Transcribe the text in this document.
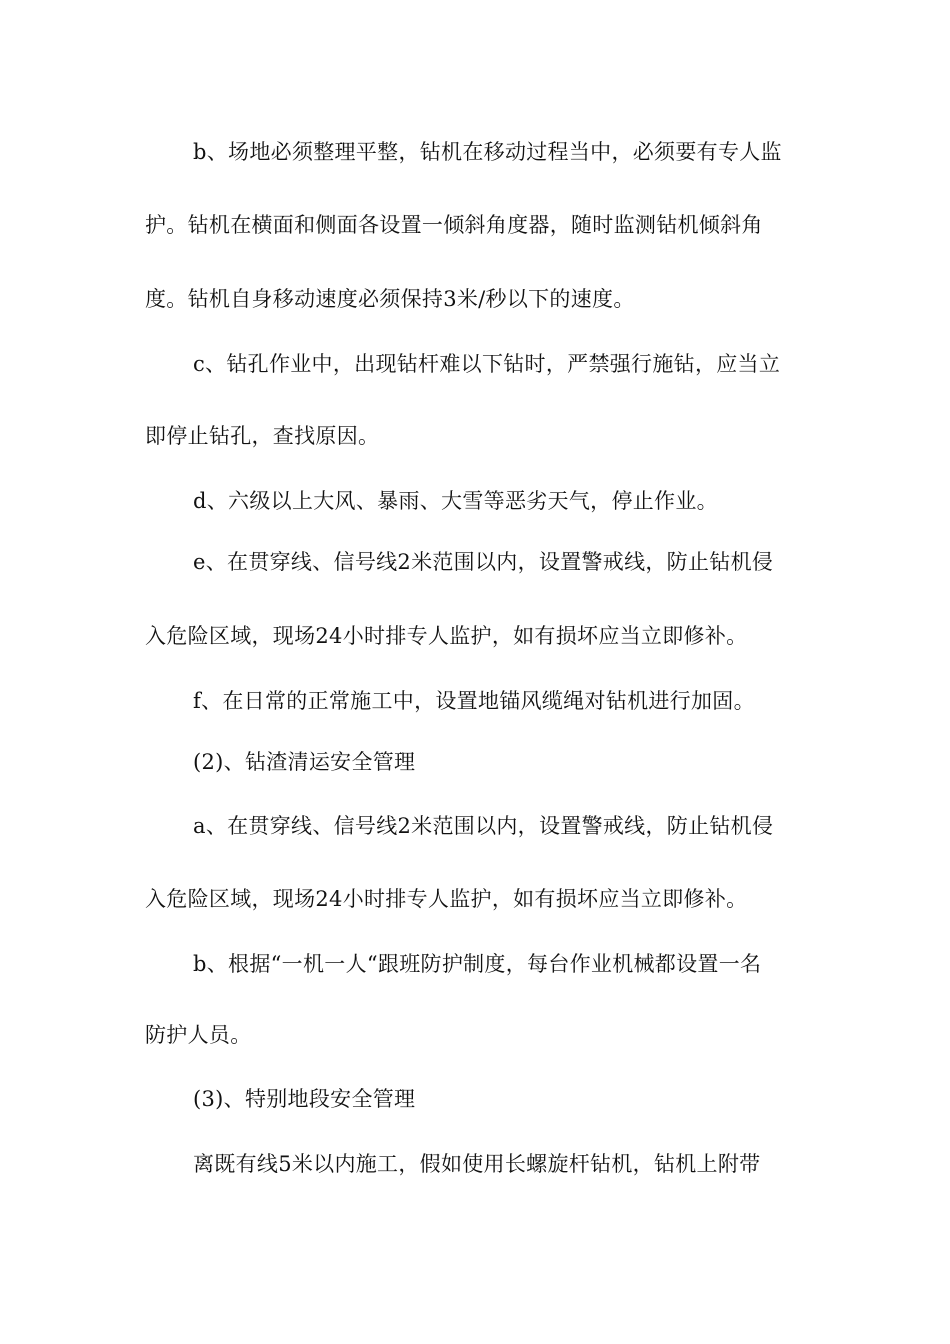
b、场地必须整理平整，钻机在移动过程当中，必须要有专人监
护。钻机在横面和侧面各设置一倾斜角度器，随时监测钻机倾斜角
度。钻机自身移动速度必须保持3米/秒以下的速度。
c、钻孔作业中，出现钻杆难以下钻时，严禁强行施钻，应当立
即停止钻孔，查找原因。
d、六级以上大风、暴雨、大雪等恶劣天气，停止作业。
e、在贯穿线、信号线2米范围以内，设置警戒线，防止钻机侵
入危险区域，现场24小时排专人监护，如有损坏应当立即修补。
f、在日常的正常施工中，设置地锚风缆绳对钻机进行加固。
(2)、钻渣清运安全管理
a、在贯穿线、信号线2米范围以内，设置警戒线，防止钻机侵
入危险区域，现场24小时排专人监护，如有损坏应当立即修补。
b、根据“一机一人“跟班防护制度，每台作业机械都设置一名
防护人员。
(3)、特别地段安全管理
离既有线5米以内施工，假如使用长螺旋杆钻机，钻机上附带
